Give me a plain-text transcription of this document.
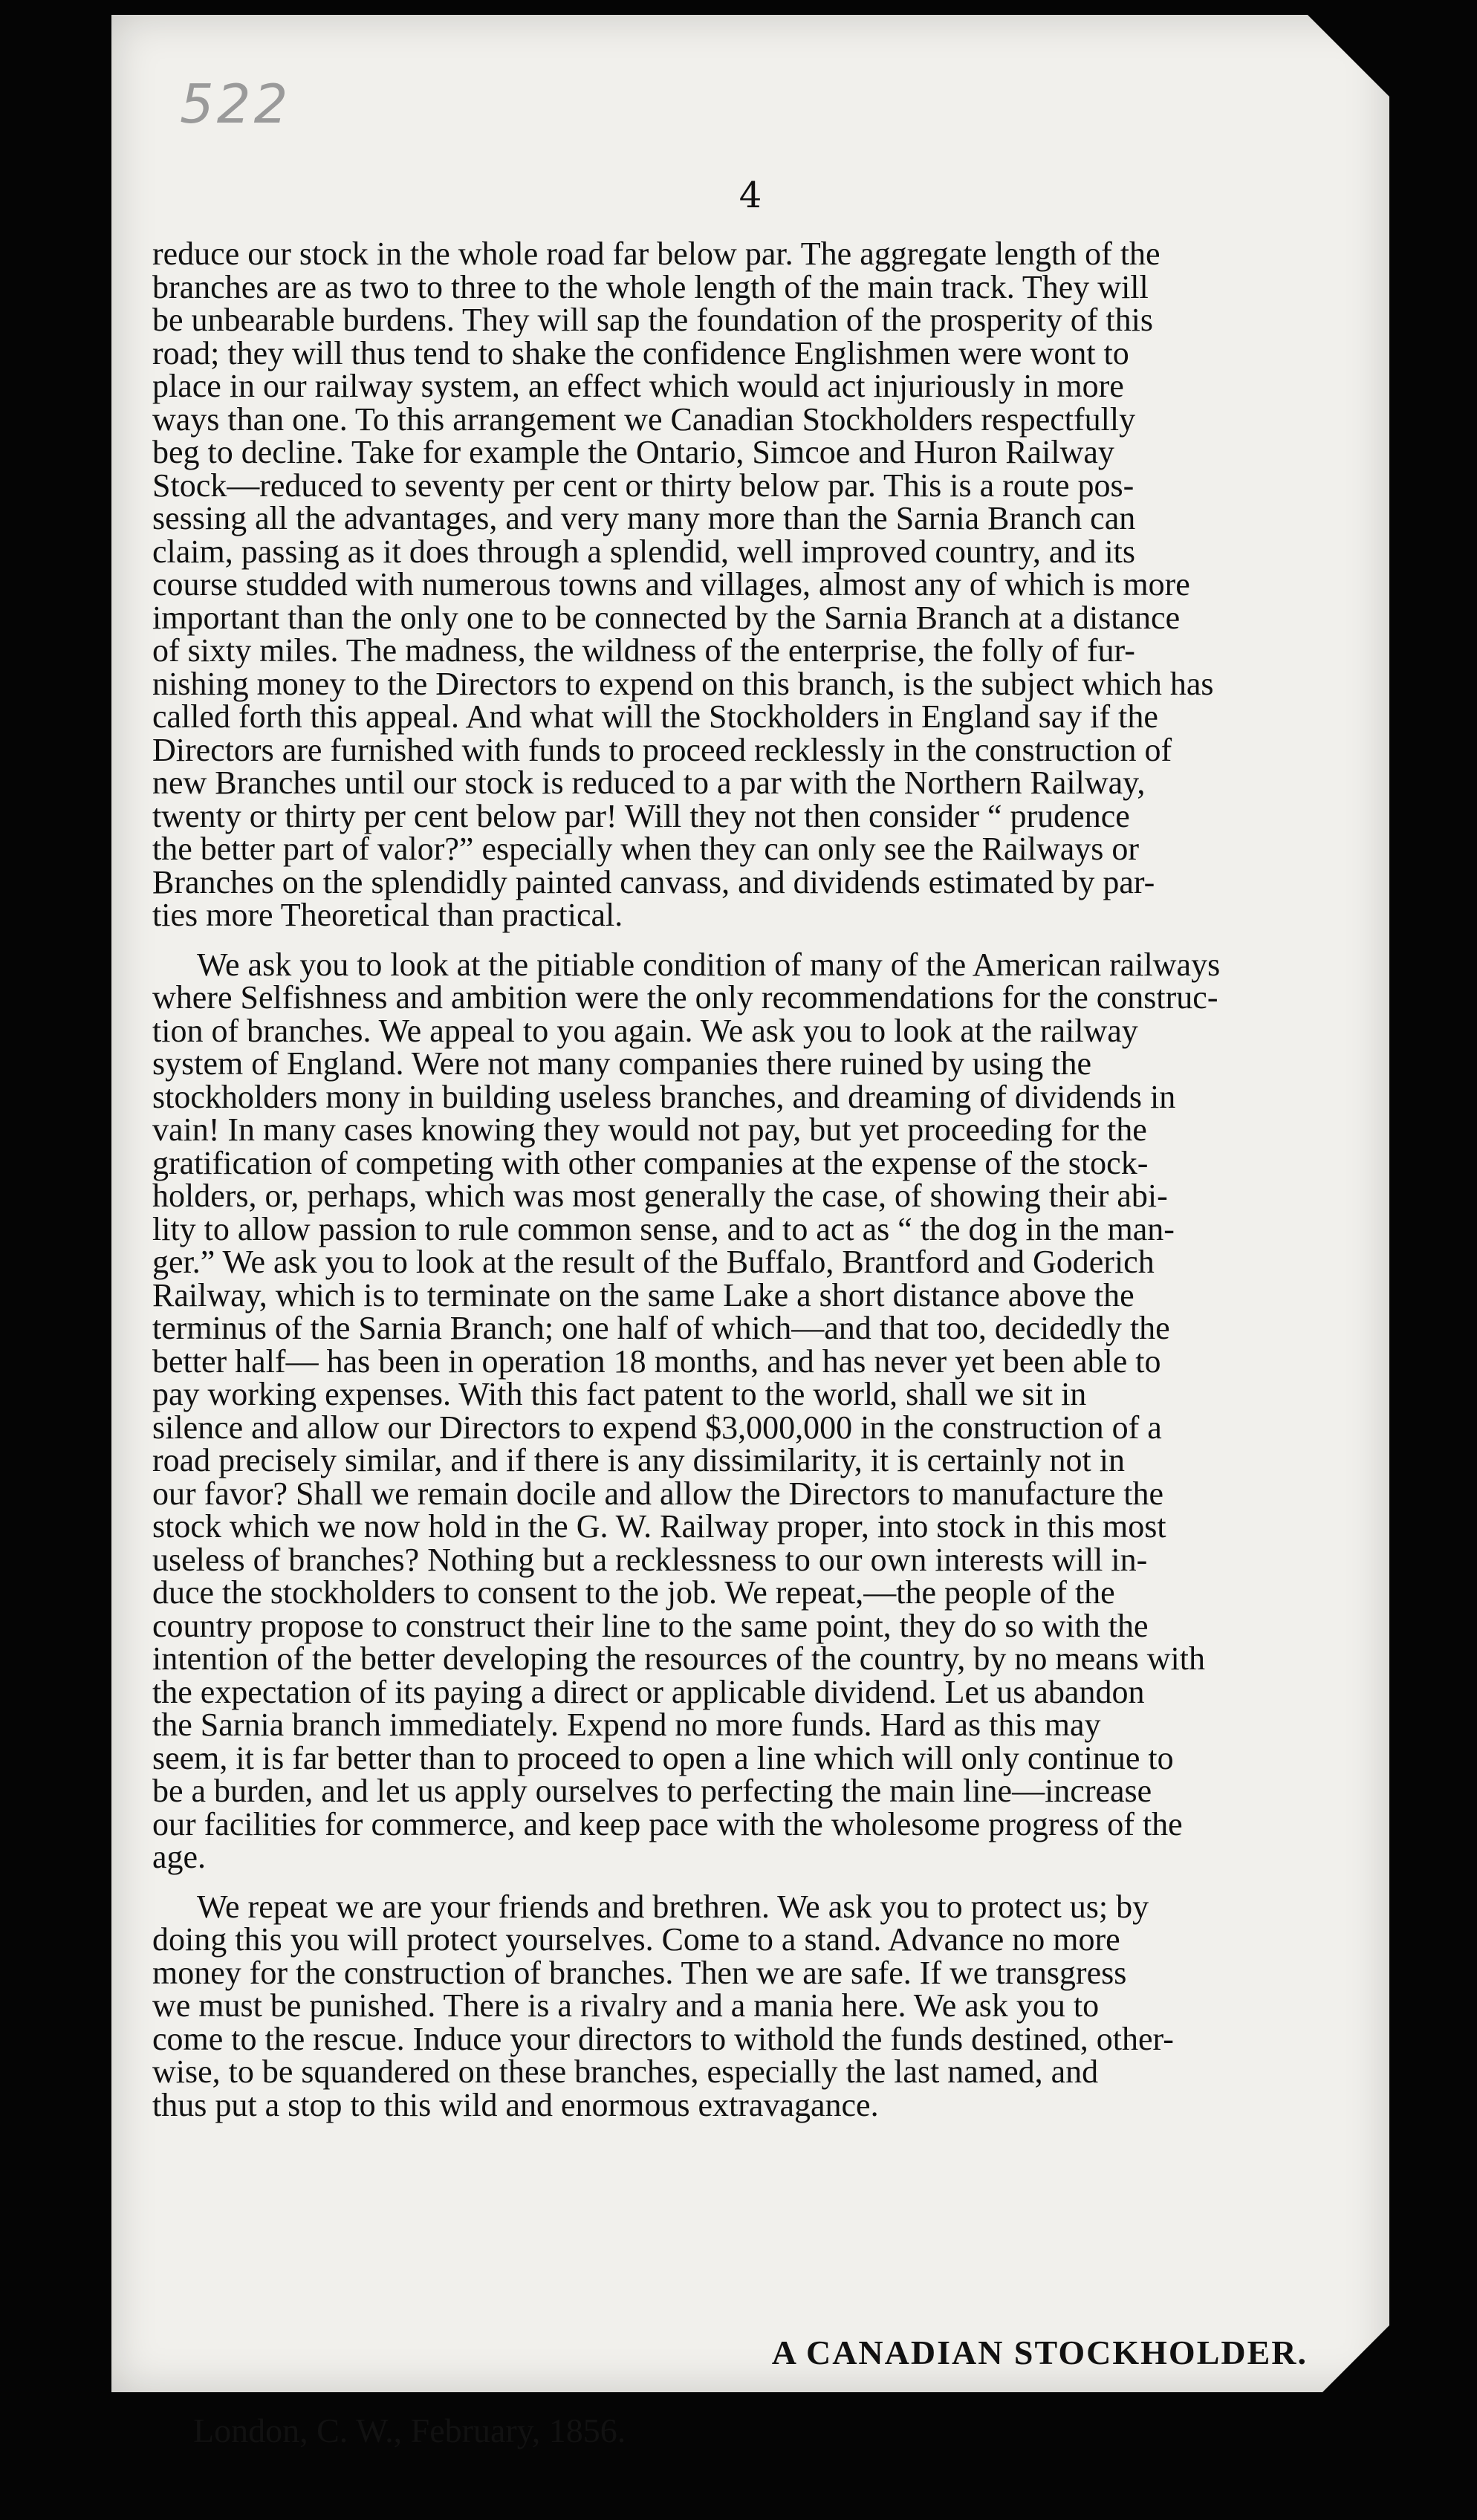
522
4
reduce our stock in the whole road far below par. The aggregate length of the
branches are as two to three to the whole length of the main track. They will
be unbearable burdens. They will sap the foundation of the prosperity of this
road; they will thus tend to shake the confidence Englishmen were wont to
place in our railway system, an effect which would act injuriously in more
ways than one. To this arrangement we Canadian Stockholders respectfully
beg to decline. Take for example the Ontario, Simcoe and Huron Railway
Stock—reduced to seventy per cent or thirty below par. This is a route pos-
sessing all the advantages, and very many more than the Sarnia Branch can
claim, passing as it does through a splendid, well improved country, and its
course studded with numerous towns and villages, almost any of which is more
important than the only one to be connected by the Sarnia Branch at a distance
of sixty miles. The madness, the wildness of the enterprise, the folly of fur-
nishing money to the Directors to expend on this branch, is the subject which has
called forth this appeal. And what will the Stockholders in England say if the
Directors are furnished with funds to proceed recklessly in the construction of
new Branches until our stock is reduced to a par with the Northern Railway,
twenty or thirty per cent below par! Will they not then consider “ prudence
the better part of valor?” especially when they can only see the Railways or
Branches on the splendidly painted canvass, and dividends estimated by par-
ties more Theoretical than practical.
We ask you to look at the pitiable condition of many of the American railways
where Selfishness and ambition were the only recommendations for the construc-
tion of branches. We appeal to you again. We ask you to look at the railway
system of England. Were not many companies there ruined by using the
stockholders mony in building useless branches, and dreaming of dividends in
vain! In many cases knowing they would not pay, but yet proceeding for the
gratification of competing with other companies at the expense of the stock-
holders, or, perhaps, which was most generally the case, of showing their abi-
lity to allow passion to rule common sense, and to act as “ the dog in the man-
ger.” We ask you to look at the result of the Buffalo, Brantford and Goderich
Railway, which is to terminate on the same Lake a short distance above the
terminus of the Sarnia Branch; one half of which—and that too, decidedly the
better half— has been in operation 18 months, and has never yet been able to
pay working expenses. With this fact patent to the world, shall we sit in
silence and allow our Directors to expend $3,000,000 in the construction of a
road precisely similar, and if there is any dissimilarity, it is certainly not in
our favor? Shall we remain docile and allow the Directors to manufacture the
stock which we now hold in the G. W. Railway proper, into stock in this most
useless of branches? Nothing but a recklessness to our own interests will in-
duce the stockholders to consent to the job. We repeat,—the people of the
country propose to construct their line to the same point, they do so with the
intention of the better developing the resources of the country, by no means with
the expectation of its paying a direct or applicable dividend. Let us abandon
the Sarnia branch immediately. Expend no more funds. Hard as this may
seem, it is far better than to proceed to open a line which will only continue to
be a burden, and let us apply ourselves to perfecting the main line—increase
our facilities for commerce, and keep pace with the wholesome progress of the
age.
We repeat we are your friends and brethren. We ask you to protect us; by
doing this you will protect yourselves. Come to a stand. Advance no more
money for the construction of branches. Then we are safe. If we transgress
we must be punished. There is a rivalry and a mania here. We ask you to
come to the rescue. Induce your directors to withold the funds destined, other-
wise, to be squandered on these branches, especially the last named, and
thus put a stop to this wild and enormous extravagance.
A CANADIAN STOCKHOLDER.
London, C. W., February, 1856.
